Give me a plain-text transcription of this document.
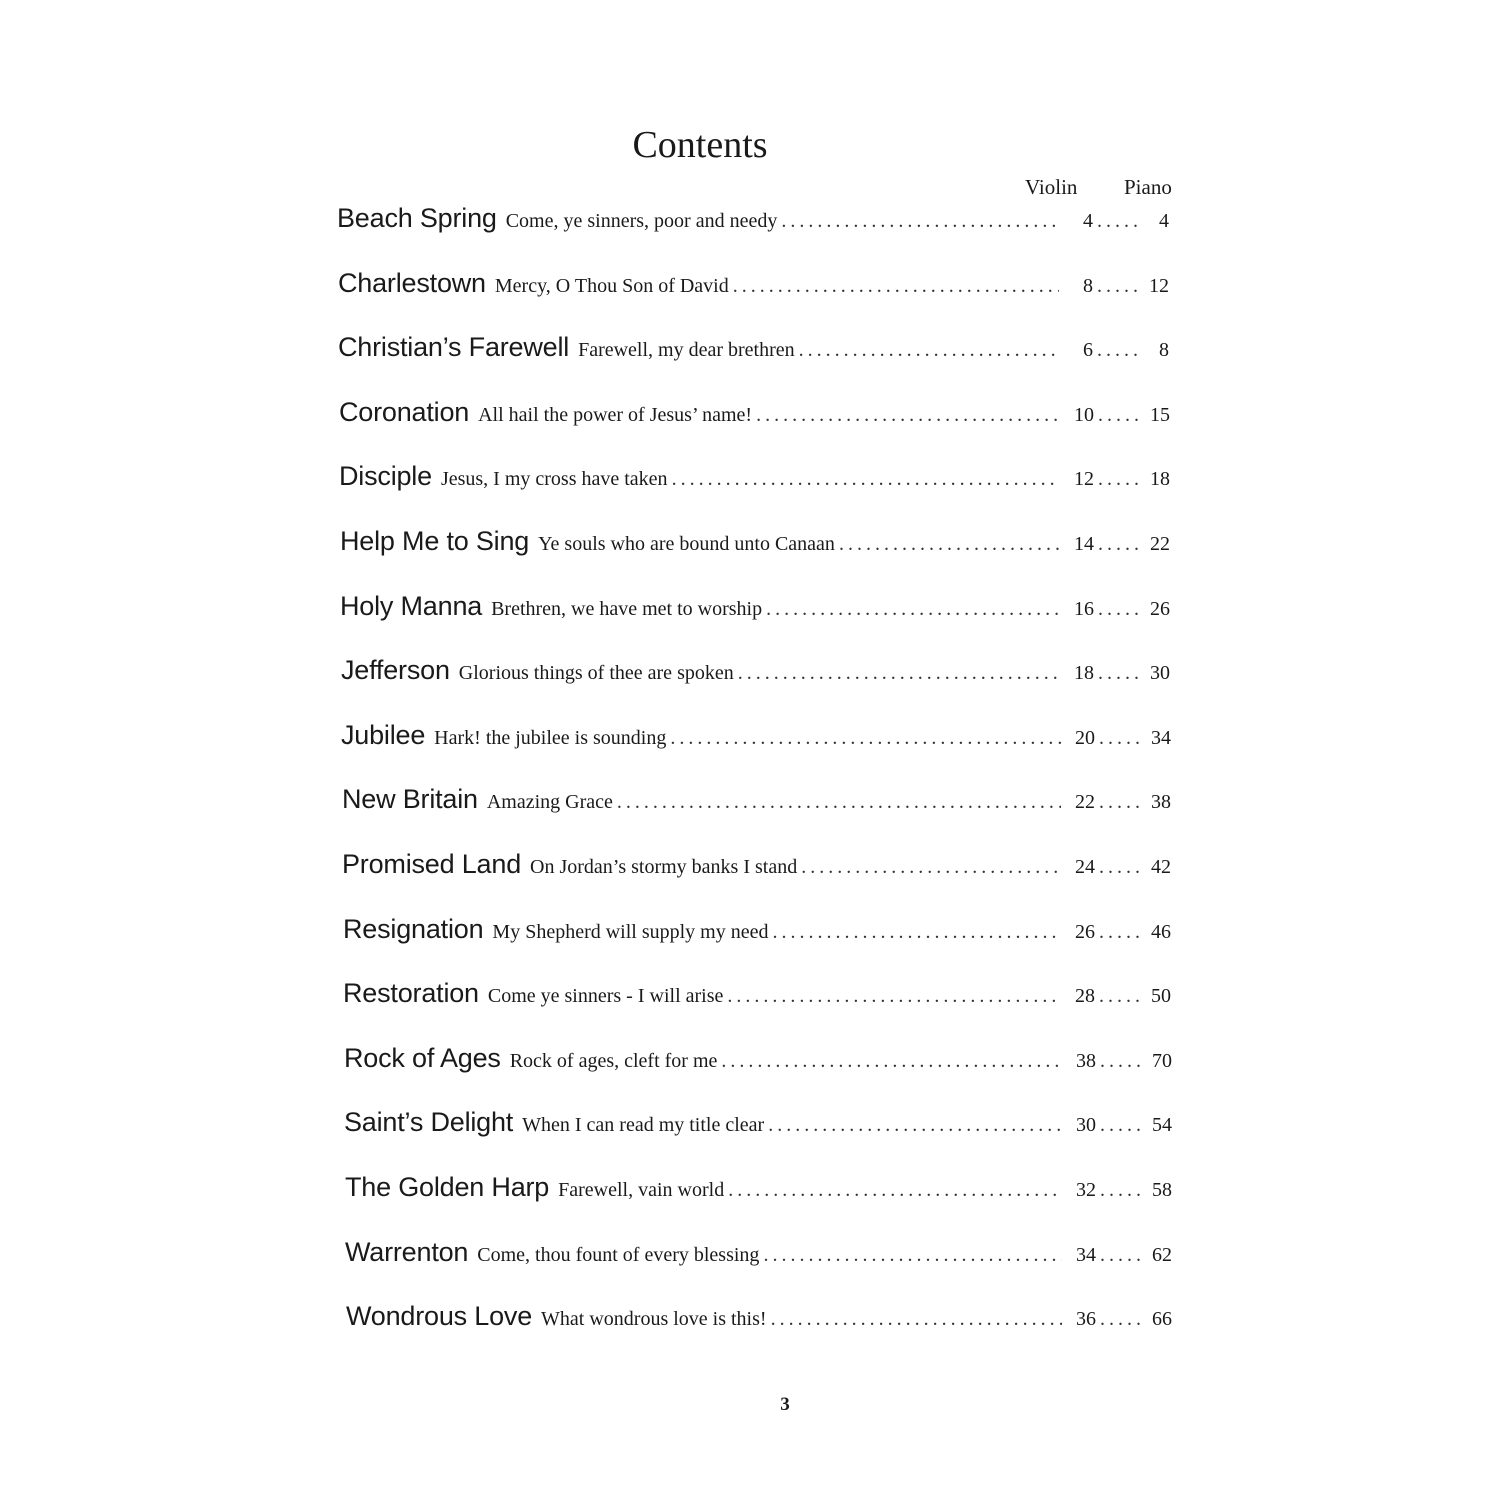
Contents
Violin Piano
Beach Spring Come, ye sinners, poor and needy . . .	4 . . .	4
Charlestown Mercy, O Thou Son of David . . .	8 . . .	12
Christian’s Farewell Farewell, my dear brethren . . .	6 . . .	8
Coronation All hail the power of Jesus’ name! . . .	10 . . .	15
Disciple Jesus, I my cross have taken . . .	12 . . .	18
Help Me to Sing Ye souls who are bound unto Canaan . . .	14 . . .	22
Holy Manna Brethren, we have met to worship . . .	16 . . .	26
Jefferson Glorious things of thee are spoken . . .	18 . . .	30
Jubilee Hark! the jubilee is sounding . . .	20 . . .	34
New Britain Amazing Grace . . .	22 . . .	38
Promised Land On Jordan’s stormy banks I stand . . .	24 . . .	42
Resignation My Shepherd will supply my need . . .	26 . . .	46
Restoration Come ye sinners - I will arise . . .	28 . . .	50
Rock of Ages Rock of ages, cleft for me . . .	38 . . .	70
Saint’s Delight When I can read my title clear . . .	30 . . .	54
The Golden Harp Farewell, vain world . . .	32 . . .	58
Warrenton Come, thou fount of every blessing . . .	34 . . .	62
Wondrous Love What wondrous love is this! . . .	36 . . .	66
3
